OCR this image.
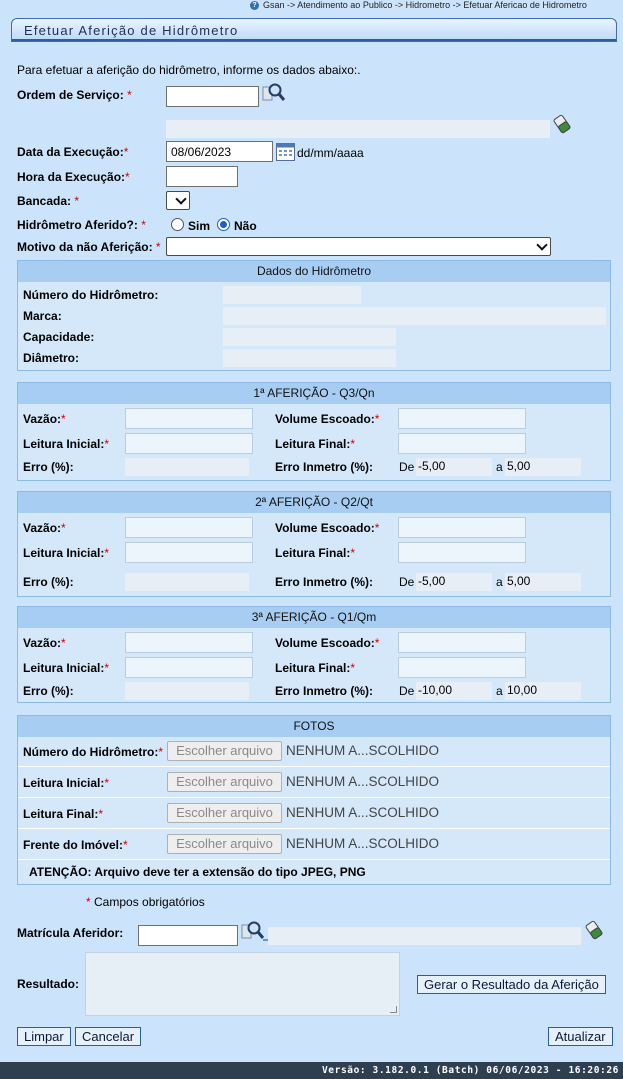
? Gsan -> Atendimento ao Publico -> Hidrometro -> Efetuar Afericao de Hidrometro
Efetuar Aferição de Hidrômetro
Para efetuar a aferição do hidrômetro, informe os dados abaixo:.
Ordem de Serviço: *
Data da Execução:*
08/06/2023	dd/mm/aaaa
Hora da Execução:*
Bancada: *
Hidrômetro Aferido?: *	Sim Não
Motivo da não Aferição: *
Dados do Hidrômetro
Número do Hidrômetro:
Marca:
Capacidade:
Diâmetro:
1ª AFERIÇÃO - Q3/Qn
Vazão:*	Volume Escoado:*
Leitura Inicial:*	Leitura Final:*
Erro (%):	Erro Inmetro (%): De -5,00	a 5,00
2ª AFERIÇÃO - Q2/Qt
Vazão:*	Volume Escoado:*
Leitura Inicial:*	Leitura Final:*
Erro (%):	Erro Inmetro (%): De -5,00	a 5,00
3ª AFERIÇÃO - Q1/Qm
Vazão:*	Volume Escoado:*
Leitura Inicial:*	Leitura Final:*
Erro (%):	Erro Inmetro (%): De -10,00	a 10,00
FOTOS
Número do Hidrômetro:*	Escolher arquivo NENHUM A...SCOLHIDO
Leitura Inicial:*	Escolher arquivo NENHUM A...SCOLHIDO
Leitura Final:*	Escolher arquivo NENHUM A...SCOLHIDO
Frente do Imóvel:*	Escolher arquivo NENHUM A...SCOLHIDO
ATENÇÃO: Arquivo deve ter a extensão do tipo JPEG, PNG
* Campos obrigatórios
Matrícula Aferidor:
Resultado:	Gerar o Resultado da Aferição
Limpar	Cancelar	Atualizar
Versão: 3.182.0.1 (Batch) 06/06/2023 - 16:20:26
